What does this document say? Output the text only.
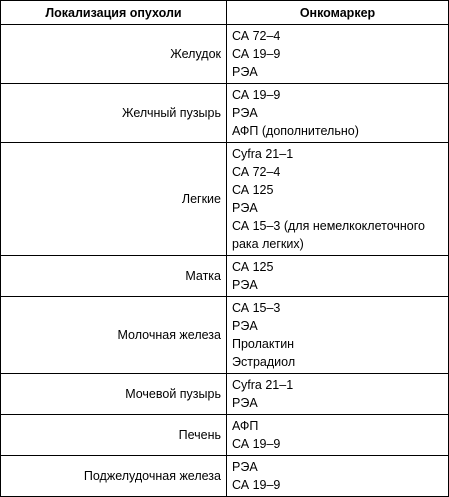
Локализация опухоли	Онкомаркер
Желудок	СА 72–4
СА 19–9
РЭА

Желчный пузырь	СА 19–9
РЭА
АФП (дополнительно)

Легкие	Cyfra 21–1
СА 72–4
СА 125
РЭА
СА 15–3 (для немелкоклеточного рака легких)

Матка	СА 125
РЭА

Молочная железа	СА 15–3
РЭА
Пролактин
Эстрадиол

Мочевой пузырь	Cyfra 21–1
РЭА

Печень	АФП
СА 19–9

Поджелудочная железа	РЭА
СА 19–9
